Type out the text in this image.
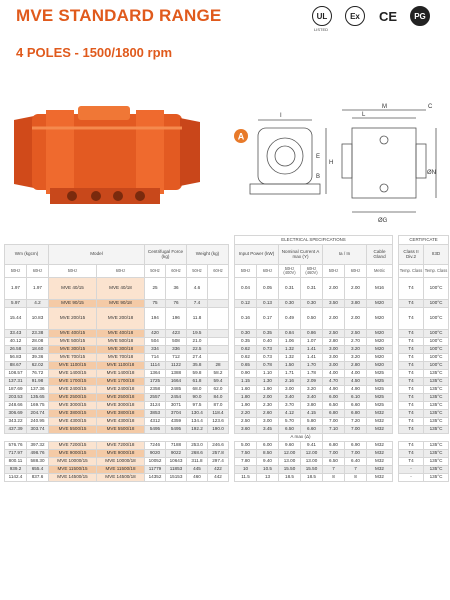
MVE STANDARD RANGE
4 POLES - 1500/1800 rpm
UL
LISTED
Ex CE PG
A
M
L
C
I
H
E
B
ØN
ØG
									ELECTRICAL SPECIFICATIONS								CERTIFICATE	
Wm (kgcm)		Model		Centrifugal Force (kg)		Weight (kg)			Input Power (kW)		Nominal Current A max (Y)		Ia / In		Cable Gland		Class II Div.2	II3D
50Hz	60Hz	50Hz	60Hz	50Hz	60Hz	50Hz	60Hz		50Hz	60Hz	50Hz (400V)	60Hz (460V)	50Hz	60Hz	Metric		Temp. Class	Temp. Class
1.97	1.97	MVE 40/15	MVE 40/18	25	36	4.6			0.04	0.05	0.31	0.31	2.00	2.00	M16		T4	100°C
5.97	4.2	MVE 90/15	MVE 90/18	75	76	7.4			0.12	0.13	0.30	0.30	3.50	3.80	M20		T4	100°C
15.44	10.83	MVE 200/15	MVE 200/18	194	196	11.8			0.16	0.17	0.49	0.50	2.00	2.00	M20		T4	100°C
33.43	23.38	MVE 400/15	MVE 400/18	420	423	19.5			0.30	0.35	0.84	0.86	2.50	2.50	M20		T4	100°C
40.12	28.08	MVE 500/15	MVE 500/18	504	508	21.0			0.35	0.40	1.06	1.07	2.80	2.70	M20		T4	100°C
26.58	18.60	MVE 300/15	MVE 300/18	334	336	22.5			0.62	0.73	1.32	1.41	3.00	3.20	M20		T4	100°C
56.83	39.36	MVE 700/15	MVE 700/18	714	712	27.4			0.62	0.73	1.32	1.41	3.00	3.20	M20		T4	100°C
88.67	62.02	MVE 1100/15	MVE 1100/18	1114	1122	35.8	28		0.65	0.78	1.50	1.70	3.00	2.80	M20		T4	100°C
108.57	76.72	MVE 1400/15	MVE 1400/18	1364	1388	59.8	58.2		0.90	1.10	1.71	1.78	4.00	4.00	M25		T4	135°C
137.31	91.98	MVE 1700/15	MVE 1700/18	1725	1664	61.8	59.4		1.15	1.30	2.16	2.09	4.70	4.50	M25		T4	135°C
187.69	137.36	MVE 2400/15	MVE 2400/18	2358	2485	68.0	62.0		1.60	1.90	3.00	3.20	4.90	4.90	M25		T4	135°C
203.53	135.65	MVE 2500/15	MVE 2500/18	2557	2454	90.0	84.0		1.80	2.00	3.40	3.40	6.00	6.10	M25		T4	135°C
248.66	169.75	MVE 3000/15	MVE 3000/18	3124	3071	97.5	87.0		1.90	2.30	3.70	3.80	6.50	6.60	M25		T4	135°C
306.69	204.74	MVE 3800/15	MVE 3800/18	3853	3704	130.4	118.4		2.20	2.60	4.12	4.15	6.80	6.80	M32		T4	135°C
343.22	240.95	MVE 4300/15	MVE 4300/18	4312	4359	134.4	123.6		2.50	3.00	5.70	5.80	7.00	7.20	M32		T4	135°C
437.39	303.74	MVE 5500/15	MVE 5500/18	5495	5495	192.2	190.0		3.60	3.45	6.50	6.60	7.10	7.00	M32		T4	135°C
											A max (Δ)							
576.76	397.32	MVE 7200/15	MVE 7200/18	7246	7188	253.0	246.6		5.00	6.00	9.60	9.41	6.80	6.90	M32		T4	135°C
717.97	498.76	MVE 9000/15	MVE 9000/18	9020	9022	268.6	257.8		7.50	8.50	12.00	12.00	7.00	7.00	M32		T4	135°C
800.11	588.30	MVE 10000/15	MVE 10000/18	10052	10643	311.8	297.4		7.80	9.40	13.00	13.00	6.50	6.40	M32		T4	135°C
939.2	655.4	MVE 11500/15	MVE 11500/18	11779	11853	445	422		10	10.5	15.50	15.50	7	7	M32		-	135°C
1142.4	837.6	MVE 14500/15	MVE 14500/18	14352	15153	460	442		11.5	13	18.5	18.5	8	8	M32		-	135°C
